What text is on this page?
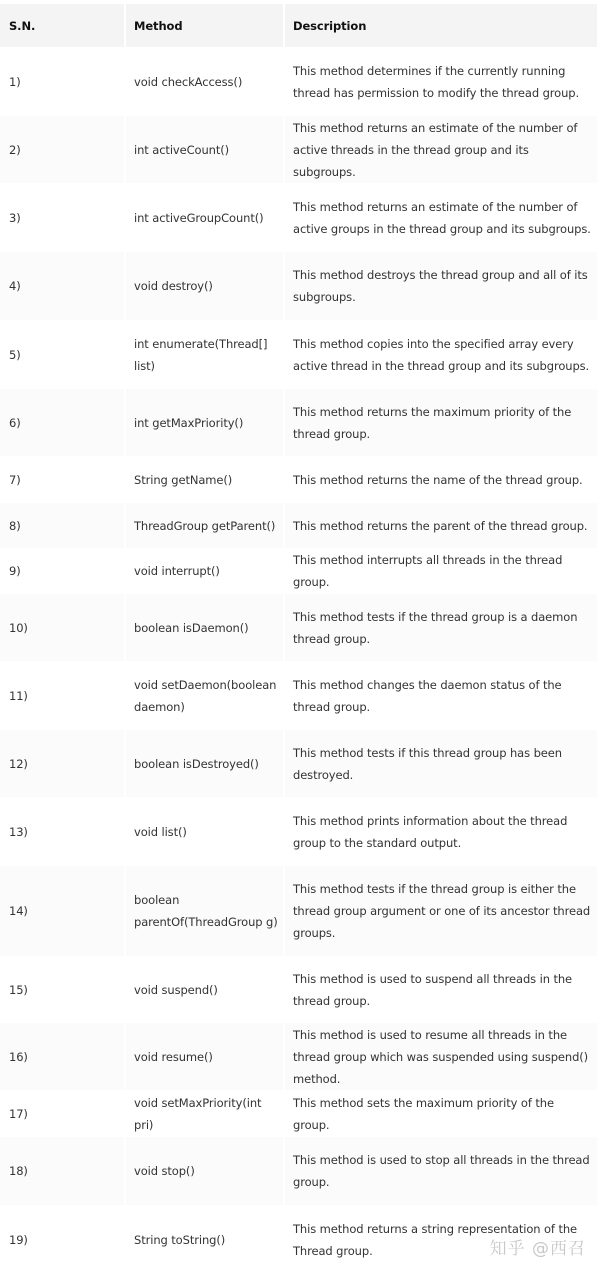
S.N.	Method	Description
1)	void checkAccess()	This method determines if the currently running thread has permission to modify the thread group.
2)	int activeCount()	This method returns an estimate of the number of active threads in the thread group and its subgroups.
3)	int activeGroupCount()	This method returns an estimate of the number of active groups in the thread group and its subgroups.
4)	void destroy()	This method destroys the thread group and all of its subgroups.
5)	int enumerate(Thread[] list)	This method copies into the specified array every active thread in the thread group and its subgroups.
6)	int getMaxPriority()	This method returns the maximum priority of the thread group.
7)	String getName()	This method returns the name of the thread group.
8)	ThreadGroup getParent()	This method returns the parent of the thread group.
9)	void interrupt()	This method interrupts all threads in the thread group.
10)	boolean isDaemon()	This method tests if the thread group is a daemon thread group.
11)	void setDaemon(boolean daemon)	This method changes the daemon status of the thread group.
12)	boolean isDestroyed()	This method tests if this thread group has been destroyed.
13)	void list()	This method prints information about the thread group to the standard output.
14)	boolean parentOf(ThreadGroup g)	This method tests if the thread group is either the thread group argument or one of its ancestor thread groups.
15)	void suspend()	This method is used to suspend all threads in the thread group.
16)	void resume()	This method is used to resume all threads in the thread group which was suspended using suspend() method.
17)	void setMaxPriority(int pri)	This method sets the maximum priority of the group.
18)	void stop()	This method is used to stop all threads in the thread group.
19)	String toString()	This method returns a string representation of the Thread group.	知乎 @西召
